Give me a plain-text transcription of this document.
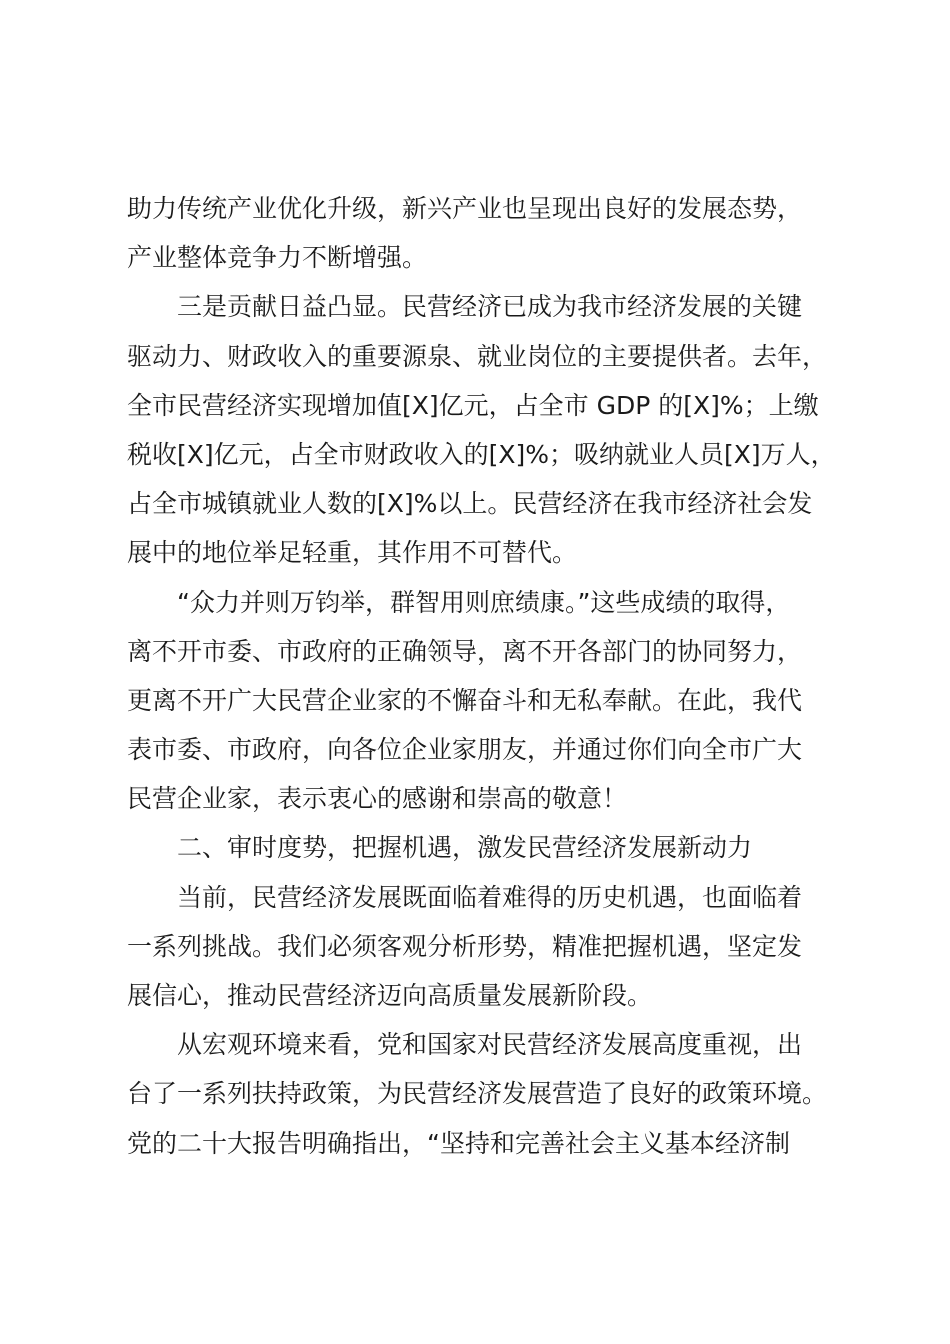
助力传统产业优化升级，新兴产业也呈现出良好的发展态势，
产业整体竞争力不断增强。
三是贡献日益凸显。民营经济已成为我市经济发展的关键
驱动力、财政收入的重要源泉、就业岗位的主要提供者。去年，
全市民营经济实现增加值[X]亿元，占全市 GDP 的[X]%；上缴
税收[X]亿元，占全市财政收入的[X]%；吸纳就业人员[X]万人，
占全市城镇就业人数的[X]%以上。民营经济在我市经济社会发
展中的地位举足轻重，其作用不可替代。
“众力并则万钧举，群智用则庶绩康。”这些成绩的取得，
离不开市委、市政府的正确领导，离不开各部门的协同努力，
更离不开广大民营企业家的不懈奋斗和无私奉献。在此，我代
表市委、市政府，向各位企业家朋友，并通过你们向全市广大
民营企业家，表示衷心的感谢和崇高的敬意！
二、审时度势，把握机遇，激发民营经济发展新动力
当前，民营经济发展既面临着难得的历史机遇，也面临着
一系列挑战。我们必须客观分析形势，精准把握机遇，坚定发
展信心，推动民营经济迈向高质量发展新阶段。
从宏观环境来看，党和国家对民营经济发展高度重视，出
台了一系列扶持政策，为民营经济发展营造了良好的政策环境。
党的二十大报告明确指出，“坚持和完善社会主义基本经济制
